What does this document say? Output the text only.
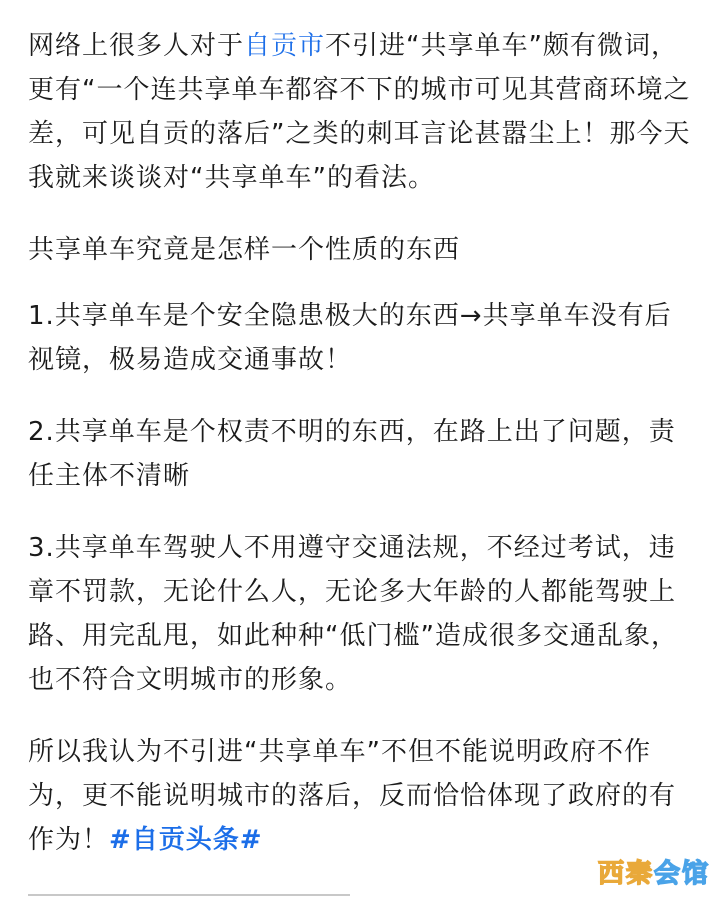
网络上很多人对于自贡市不引进“共享单车”颇有微词，更有“一个连共享单车都容不下的城市可见其营商环境之差，可见自贡的落后”之类的刺耳言论甚嚣尘上！那今天我就来谈谈对“共享单车”的看法。

共享单车究竟是怎样一个性质的东西

1.共享单车是个安全隐患极大的东西→共享单车没有后视镜，极易造成交通事故！

2.共享单车是个权责不明的东西，在路上出了问题，责任主体不清晰

3.共享单车驾驶人不用遵守交通法规，不经过考试，违章不罚款，无论什么人，无论多大年龄的人都能驾驶上路、用完乱甩，如此种种“低门槛”造成很多交通乱象，也不符合文明城市的形象。

所以我认为不引进“共享单车”不但不能说明政府不作为，更不能说明城市的落后，反而恰恰体现了政府的有作为！#自贡头条#

西秦会馆
